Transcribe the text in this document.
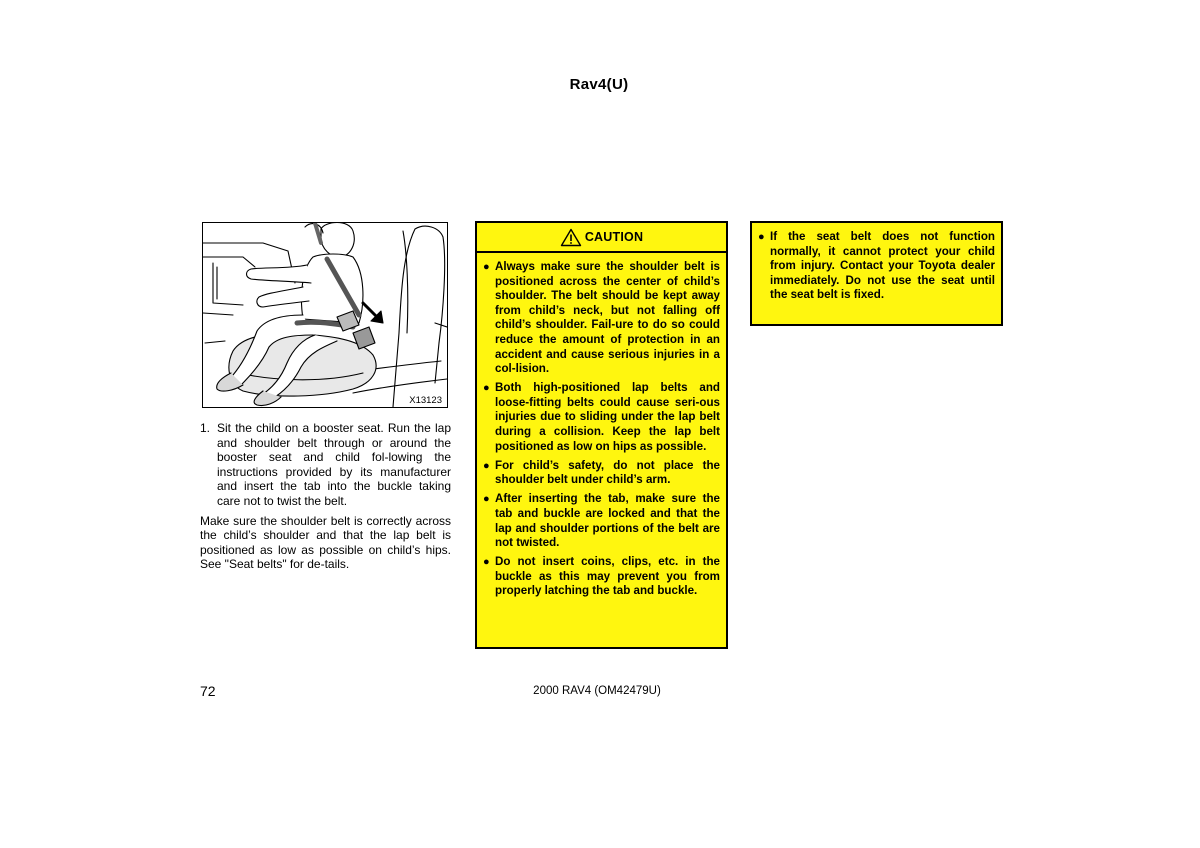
Rav4(U)
X13123
1. Sit the child on a booster seat. Run the lap and shoulder belt through or around the booster seat and child fol-lowing the instructions provided by its manufacturer and insert the tab into the buckle taking care not to twist the belt.
Make sure the shoulder belt is correctly across the child’s shoulder and that the lap belt is positioned as low as possible on child’s hips. See "Seat belts" for de-tails.
CAUTION
● Always make sure the shoulder belt is positioned across the center of child’s shoulder. The belt should be kept away from child’s neck, but not falling off child’s shoulder. Fail-ure to do so could reduce the amount of protection in an accident and cause serious injuries in a col-lision.
● Both high-positioned lap belts and loose-fitting belts could cause seri-ous injuries due to sliding under the lap belt during a collision. Keep the lap belt positioned as low on hips as possible.
● For child’s safety, do not place the shoulder belt under child’s arm.
● After inserting the tab, make sure the tab and buckle are locked and that the lap and shoulder portions of the belt are not twisted.
● Do not insert coins, clips, etc. in the buckle as this may prevent you from properly latching the tab and buckle.
● If the seat belt does not function normally, it cannot protect your child from injury. Contact your Toyota dealer immediately. Do not use the seat until the seat belt is fixed.
72	2000 RAV4 (OM42479U)
